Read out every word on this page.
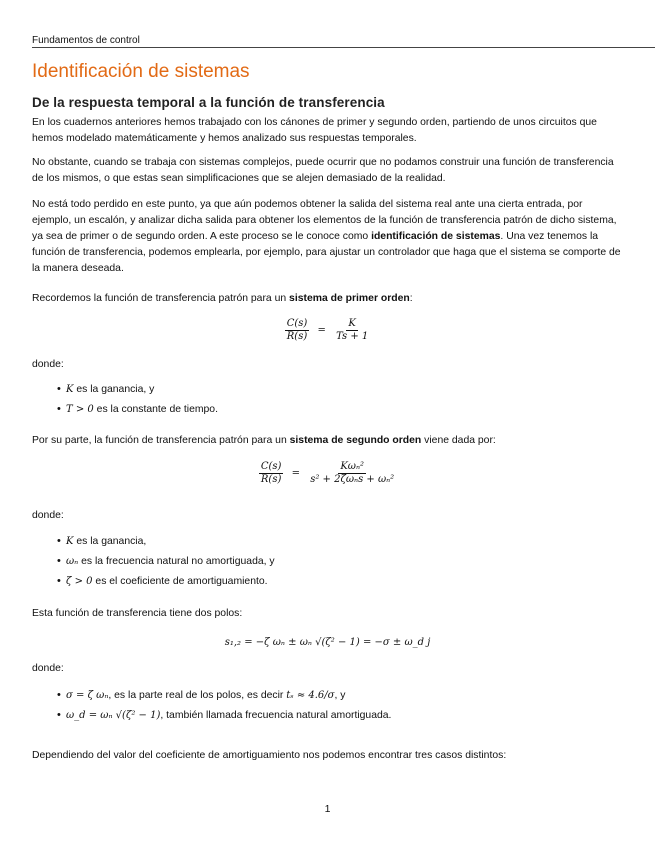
Fundamentos de control
Identificación de sistemas
De la respuesta temporal a la función de transferencia

En los cuadernos anteriores hemos trabajado con los cánones de primer y segundo orden, partiendo de unos circuitos que hemos modelado matemáticamente y hemos analizado sus respuestas temporales.

No obstante, cuando se trabaja con sistemas complejos, puede ocurrir que no podamos construir una función de transferencia de los mismos, o que estas sean simplificaciones que se alejen demasiado de la realidad.

No está todo perdido en este punto, ya que aún podemos obtener la salida del sistema real ante una cierta entrada, por ejemplo, un escalón, y analizar dicha salida para obtener los elementos de la función de transferencia patrón de dicho sistema, ya sea de primer o de segundo orden. A este proceso se le conoce como identificación de sistemas. Una vez tenemos la función de transferencia, podemos emplearla, por ejemplo, para ajustar un controlador que haga que el sistema se comporte de la manera deseada.

Recordemos la función de transferencia patrón para un sistema de primer orden:

$\frac{C(s)}{R(s)} = \frac{K}{Ts + 1}$

donde:

• K es la ganancia, y
• T > 0 es la constante de tiempo.

Por su parte, la función de transferencia patrón para un sistema de segundo orden viene dada por:

$\frac{C(s)}{R(s)} = \frac{\text{Kωₙ²}}{\text{s² + 2ζωₙs + ωₙ²}}$

donde:

• K es la ganancia,
• ωₙ es la frecuencia natural no amortiguada, y
• ζ > 0 es el coeficiente de amortiguamiento.

Esta función de transferencia tiene dos polos:

s₁,₂ = −ζ ωₙ ± ωₙ √(ζ² − 1) = −σ ± ω_d j

donde:

• σ = ζ ωₙ, es la parte real de los polos, es decir tₛ ≈ 4.6/σ, y
• ω_d = ωₙ √(ζ² − 1), también llamada frecuencia natural amortiguada.

Dependiendo del valor del coeficiente de amortiguamiento nos podemos encontrar tres casos distintos:

1
